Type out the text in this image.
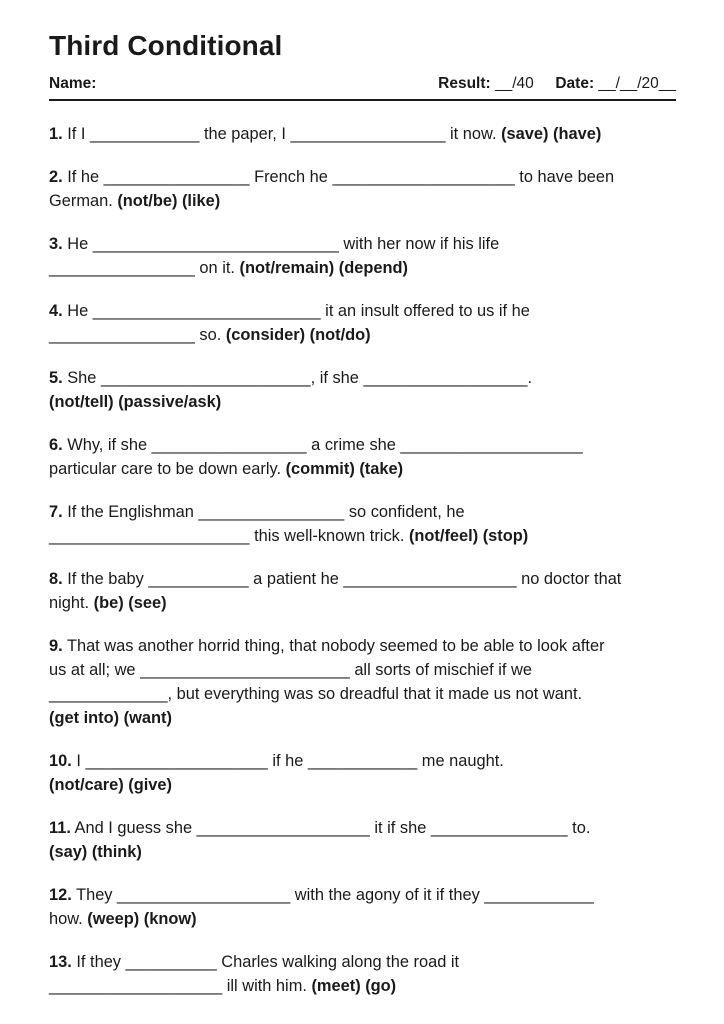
Third Conditional
Name:	Result: __/40 Date: __/__/20__
1. If I ____________ the paper, I _________________ it now. (save) (have)
2. If he ________________ French he ____________________ to have been
German. (not/be) (like)
3. He ___________________________ with her now if his life
________________ on it. (not/remain) (depend)
4. He _________________________ it an insult offered to us if he
________________ so. (consider) (not/do)
5. She _______________________, if she __________________.
(not/tell) (passive/ask)
6. Why, if she _________________ a crime she ____________________
particular care to be down early. (commit) (take)
7. If the Englishman ________________ so confident, he
______________________ this well-known trick. (not/feel) (stop)
8. If the baby ___________ a patient he ___________________ no doctor that
night. (be) (see)
9. That was another horrid thing, that nobody seemed to be able to look after
us at all; we _______________________ all sorts of mischief if we
_____________, but everything was so dreadful that it made us not want.
(get into) (want)
10. I ____________________ if he ____________ me naught.
(not/care) (give)
11. And I guess she ___________________ it if she _______________ to.
(say) (think)
12. They ___________________ with the agony of it if they ____________
how. (weep) (know)
13. If they __________ Charles walking along the road it
___________________ ill with him. (meet) (go)
